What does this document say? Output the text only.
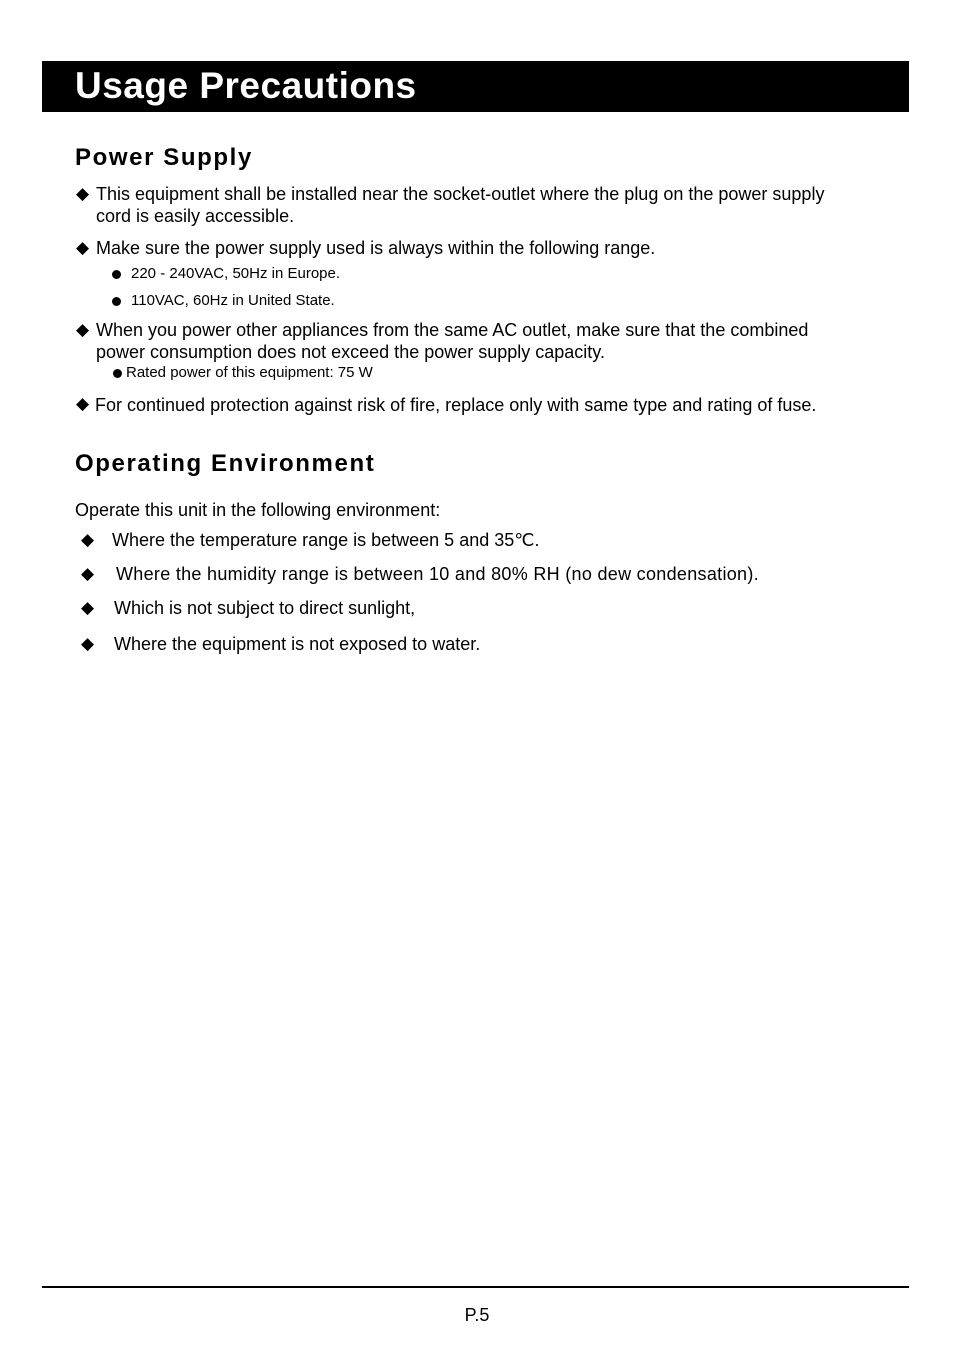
Usage Precautions
Power Supply
◆ This equipment shall be installed near the socket-outlet where the plug on the power supply
cord is easily accessible.
◆ Make sure the power supply used is always within the following range.
220 - 240VAC, 50Hz in Europe.
110VAC, 60Hz in United State.
◆ When you power other appliances from the same AC outlet, make sure that the combined
power consumption does not exceed the power supply capacity.
Rated power of this equipment: 75 W
◆ For continued protection against risk of fire, replace only with same type and rating of fuse.
Operating Environment
Operate this unit in the following environment:
◆ Where the temperature range is between 5 and 35℃.
◆ Where the humidity range is between 10 and 80% RH (no dew condensation).
◆ Which is not subject to direct sunlight,
◆ Where the equipment is not exposed to water.
P.5
